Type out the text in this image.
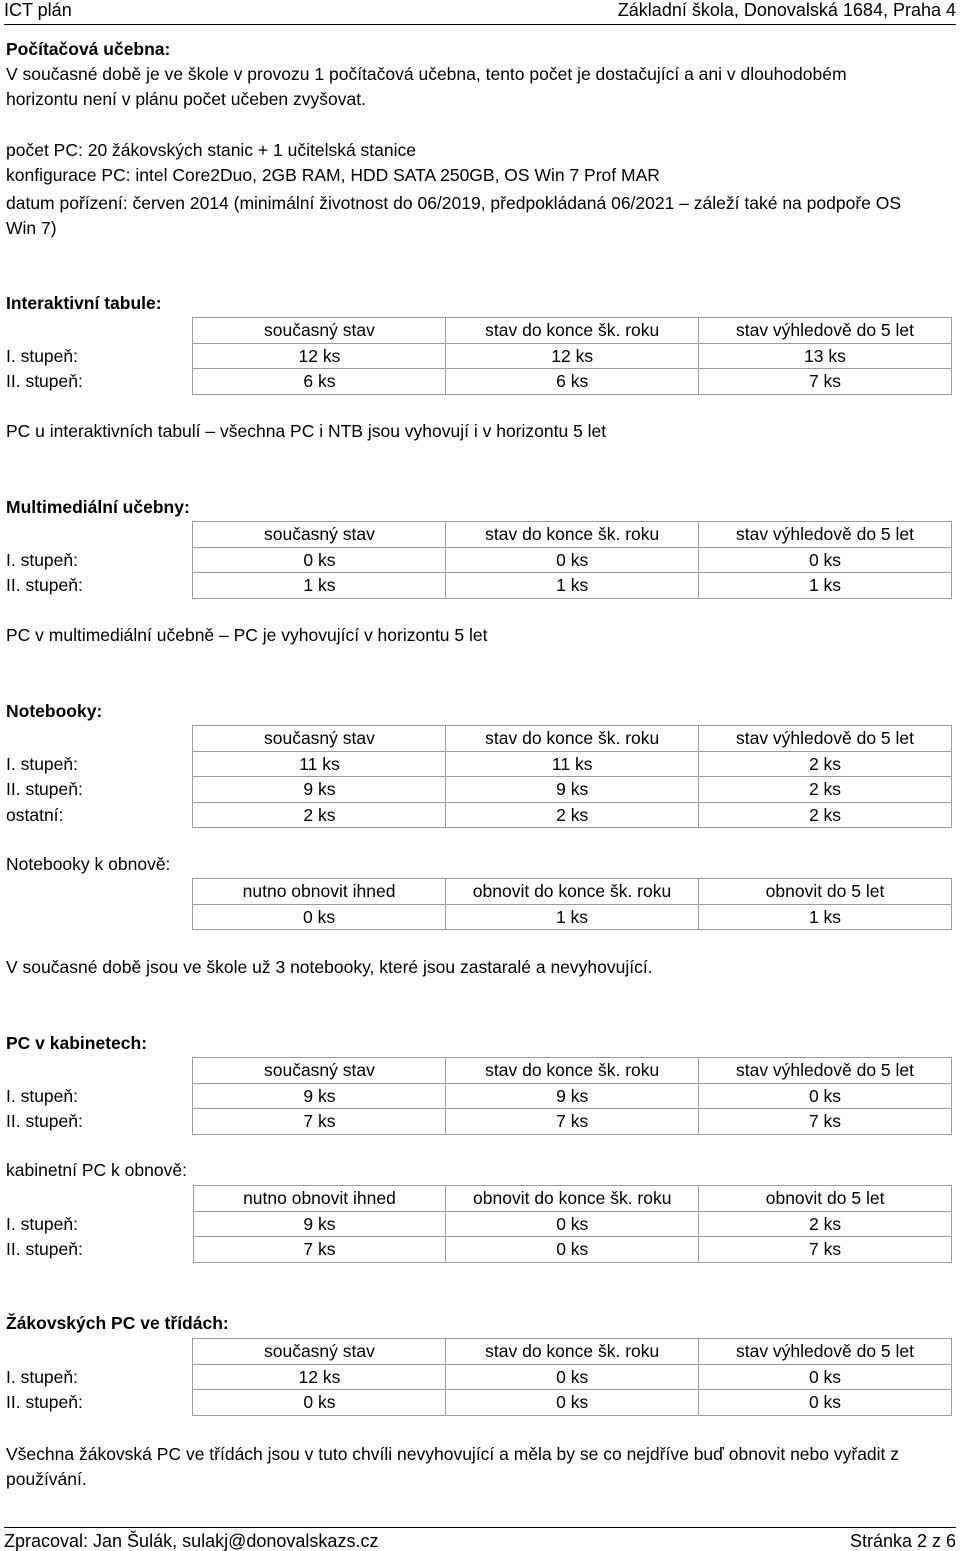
ICT plán	Základní škola, Donovalská 1684, Praha 4
Počítačová učebna:
V současné době je ve škole v provozu 1 počítačová učebna, tento počet je dostačující a ani v dlouhodobém horizontu není v plánu počet učeben zvyšovat.
počet PC: 20 žákovských stanic + 1 učitelská stanice
konfigurace PC: intel Core2Duo, 2GB RAM, HDD SATA 250GB, OS Win 7 Prof MAR
datum pořízení: červen 2014 (minimální životnost do 06/2019, předpokládaná 06/2021 – záleží také na podpoře OS Win 7)
Interaktivní tabule:
	současný stav	stav do konce šk. roku	stav výhledově do 5 let
I. stupeň:	12 ks	12 ks	13 ks
II. stupeň:	6 ks	6 ks	7 ks
PC u interaktivních tabulí – všechna PC i NTB jsou vyhovují i v horizontu 5 let
Multimediální učebny:
	současný stav	stav do konce šk. roku	stav výhledově do 5 let
I. stupeň:	0 ks	0 ks	0 ks
II. stupeň:	1 ks	1 ks	1 ks
PC v multimediální učebně – PC je vyhovující v horizontu 5 let
Notebooky:
	současný stav	stav do konce šk. roku	stav výhledově do 5 let
I. stupeň:	11 ks	11 ks	2 ks
II. stupeň:	9 ks	9 ks	2 ks
ostatní:	2 ks	2 ks	2 ks
Notebooky k obnově:
	nutno obnovit ihned	obnovit do konce šk. roku	obnovit do 5 let
	0 ks	1 ks	1 ks
V současné době jsou ve škole už 3 notebooky, které jsou zastaralé a nevyhovující.
PC v kabinetech:
	současný stav	stav do konce šk. roku	stav výhledově do 5 let
I. stupeň:	9 ks	9 ks	0 ks
II. stupeň:	7 ks	7 ks	7 ks
kabinetní PC k obnově:
	nutno obnovit ihned	obnovit do konce šk. roku	obnovit do 5 let
I. stupeň:	9 ks	0 ks	2 ks
II. stupeň:	7 ks	0 ks	7 ks
Žákovských PC ve třídách:
	současný stav	stav do konce šk. roku	stav výhledově do 5 let
I. stupeň:	12 ks	0 ks	0 ks
II. stupeň:	0 ks	0 ks	0 ks
Všechna žákovská PC ve třídách jsou v tuto chvíli nevyhovující a měla by se co nejdříve buď obnovit nebo vyřadit z používání.
Zpracoval: Jan Šulák, sulakj@donovalskazs.cz	Stránka 2 z 6
